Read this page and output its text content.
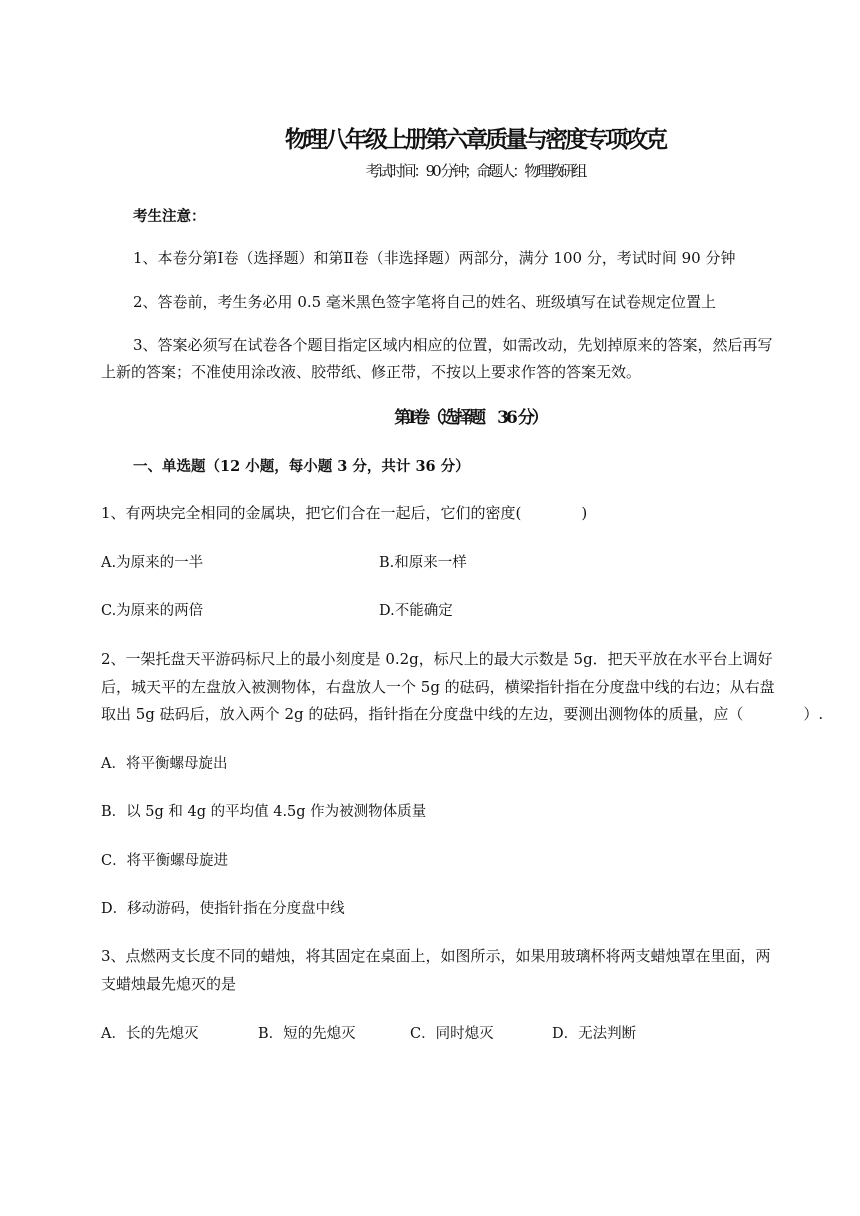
物理八年级上册第六章质量与密度专项攻克
考试时间：90 分钟；命题人：物理教研组
考生注意：
1、本卷分第Ⅰ卷（选择题）和第Ⅱ卷（非选择题）两部分，满分 100 分，考试时间 90 分钟
2、答卷前，考生务必用 0.5 毫米黑色签字笔将自己的姓名、班级填写在试卷规定位置上
3、答案必须写在试卷各个题目指定区域内相应的位置，如需改动，先划掉原来的答案，然后再写
上新的答案；不准使用涂改液、胶带纸、修正带，不按以上要求作答的答案无效。
第Ⅰ卷（选择题　36 分）
一、单选题（12 小题，每小题 3 分，共计 36 分）
1、有两块完全相同的金属块，把它们合在一起后，它们的密度(　　　　)
A.为原来的一半	B.和原来一样
C.为原来的两倍	D.不能确定
2、一架托盘天平游码标尺上的最小刻度是 0.2g，标尺上的最大示数是 5g．把天平放在水平台上调好
后，城天平的左盘放入被测物体，右盘放人一个 5g 的砝码，横梁指针指在分度盘中线的右边；从右盘
取出 5g 砝码后，放入两个 2g 的砝码，指针指在分度盘中线的左边，要测出测物体的质量，应（　　　　）.
A．将平衡螺母旋出
B．以 5g 和 4g 的平均值 4.5g 作为被测物体质量
C．将平衡螺母旋进
D．移动游码，使指针指在分度盘中线
3、点燃两支长度不同的蜡烛，将其固定在桌面上，如图所示，如果用玻璃杯将两支蜡烛罩在里面，两
支蜡烛最先熄灭的是
A．长的先熄灭	B．短的先熄灭	C．同时熄灭	D．无法判断
